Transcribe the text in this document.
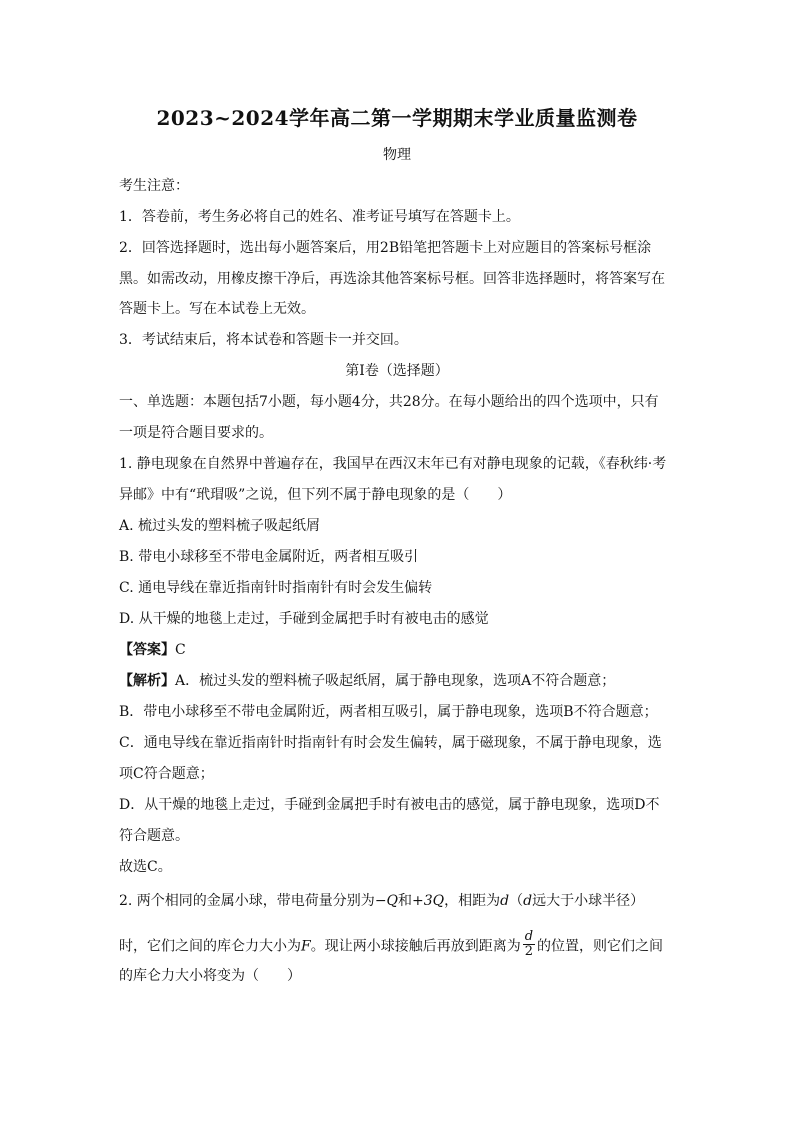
2023~2024学年高二第一学期期末学业质量监测卷
物理
考生注意：
1．答卷前，考生务必将自己的姓名、准考证号填写在答题卡上。
2．回答选择题时，选出每小题答案后，用2B铅笔把答题卡上对应题目的答案标号框涂
黑。如需改动，用橡皮擦干净后，再选涂其他答案标号框。回答非选择题时，将答案写在
答题卡上。写在本试卷上无效。
3．考试结束后，将本试卷和答题卡一并交回。
第I卷（选择题）
一、单选题：本题包括7小题，每小题4分，共28分。在每小题给出的四个选项中，只有
一项是符合题目要求的。
1. 静电现象在自然界中普遍存在，我国早在西汉末年已有对静电现象的记载，《春秋纬·考
异邮》中有“玳瑁吸”之说，但下列不属于静电现象的是（　　）
A. 梳过头发的塑料梳子吸起纸屑
B. 带电小球移至不带电金属附近，两者相互吸引
C. 通电导线在靠近指南针时指南针有时会发生偏转
D. 从干燥的地毯上走过，手碰到金属把手时有被电击的感觉
【答案】C
【解析】A．梳过头发的塑料梳子吸起纸屑，属于静电现象，选项A不符合题意；
B．带电小球移至不带电金属附近，两者相互吸引，属于静电现象，选项B不符合题意；
C．通电导线在靠近指南针时指南针有时会发生偏转，属于磁现象，不属于静电现象，选
项C符合题意；
D．从干燥的地毯上走过，手碰到金属把手时有被电击的感觉，属于静电现象，选项D不
符合题意。
故选C。
2. 两个相同的金属小球，带电荷量分别为−Q和+3Q，相距为d（d远大于小球半径）
时，它们之间的库仑力大小为F。现让两小球接触后再放到距离为 $\frac{d}{2}$ 的位置，则它们之间
的库仑力大小将变为（　　）
